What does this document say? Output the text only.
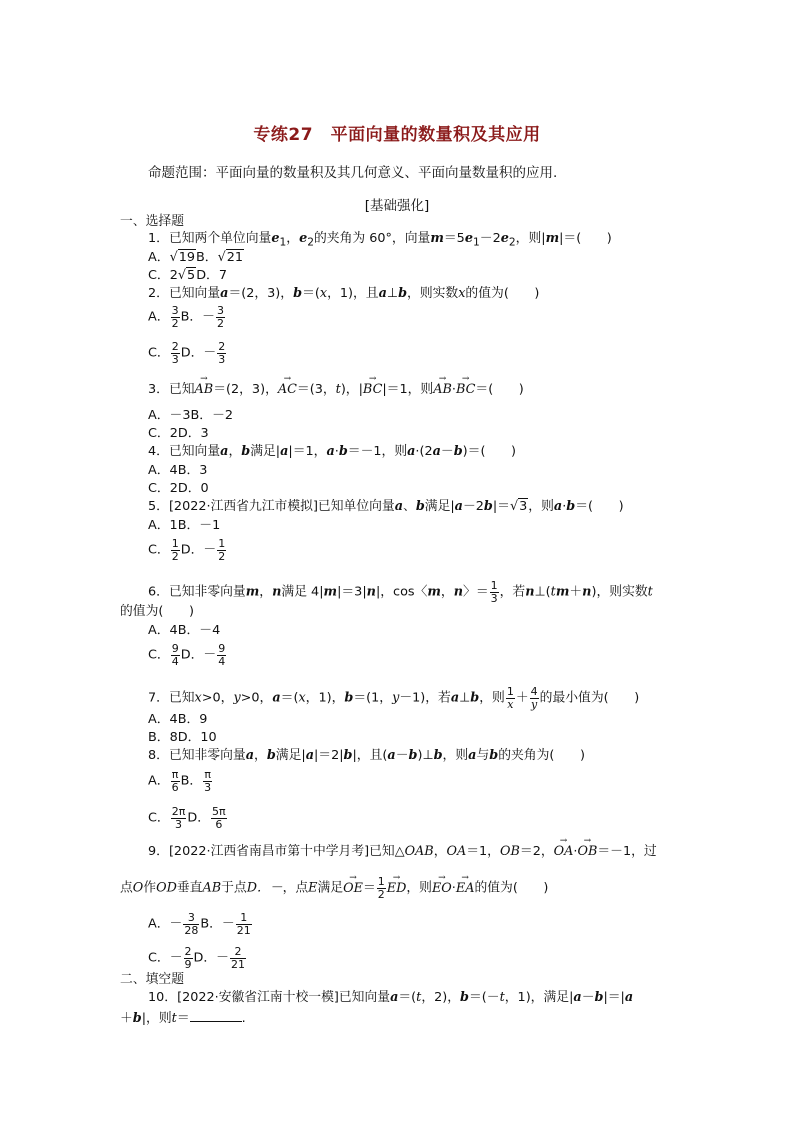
专练27　平面向量的数量积及其应用
命题范围：平面向量的数量积及其几何意义、平面向量数量积的应用.
[基础强化]
一、选择题
1．已知两个单位向量$e_1$，$e_2$的夹角为 60°，向量$m=5e_1-2e_2$，则|m|＝(　　)
A．√19B．√21
C．2√5D．7
2．已知向量a＝(2，3)，b＝(x，1)，且a⊥b，则实数x的值为(　　)
A． $\frac{3}{2}$ B．－ $\frac{3}{2}$
C． $\frac{2}{3}$ D．－ $\frac{2}{3}$
3．已知→ AB＝(2，3)，→ AC＝(3，t)，|→ BC|＝1，则→ AB·→ BC＝(　　)
A．－3B．－2
C．2D．3
4．已知向量a，b满足|a|＝1，a·b＝－1，则a·(2a－b)＝(　　)
A．4B．3
C．2D．0
5．[2022·江西省九江市模拟]已知单位向量a、b满足|a－2b|＝√3，则a·b＝(　　)
A．1B．－1
C． $\frac{1}{2}$ D．－ $\frac{1}{2}$
6．已知非零向量m，n满足 4|m|＝3|n|，cos〈m，n〉＝ $\frac{1}{3}$ ，若n⊥(tm＋n)，则实数t
的值为(　　)
A．4B．－4
C． $\frac{9}{4}$ D．－ $\frac{9}{4}$
7．已知x>0，y>0，a＝(x，1)，b＝(1，y－1)，若a⊥b，则 $\frac{1}{x} + \frac{4}{y}$ 的最小值为(　　)
A．4B．9
B．8D．10
8．已知非零向量a，b满足|a|＝2|b|，且(a－b)⊥b，则a与b的夹角为(　　)
A． $\frac{\pi}{6}$ B． $\frac{\pi}{3}$
C． $\frac{2\pi}{3}$ D． $\frac{5\pi}{6}$
9．[2022·江西省南昌市第十中学月考]已知△OAB，OA＝1，OB＝2，→ OA·→ OB＝－1，过
点O作OD垂直AB于点D．－，点E满足→ $OE= \frac{1}{2}$
→ ED，则→ EO·→ EA的值为(　　)
A．－ $\frac{3}{28}$ B．－ $\frac{1}{21}$
C．－ $\frac{2}{9}$ D．－ $\frac{2}{21}$
二、填空题
10．[2022·安徽省江南十校一模]已知向量a＝(t，2)，b＝(－t，1)，满足|a－b|＝|a
＋b|，则t＝	.
